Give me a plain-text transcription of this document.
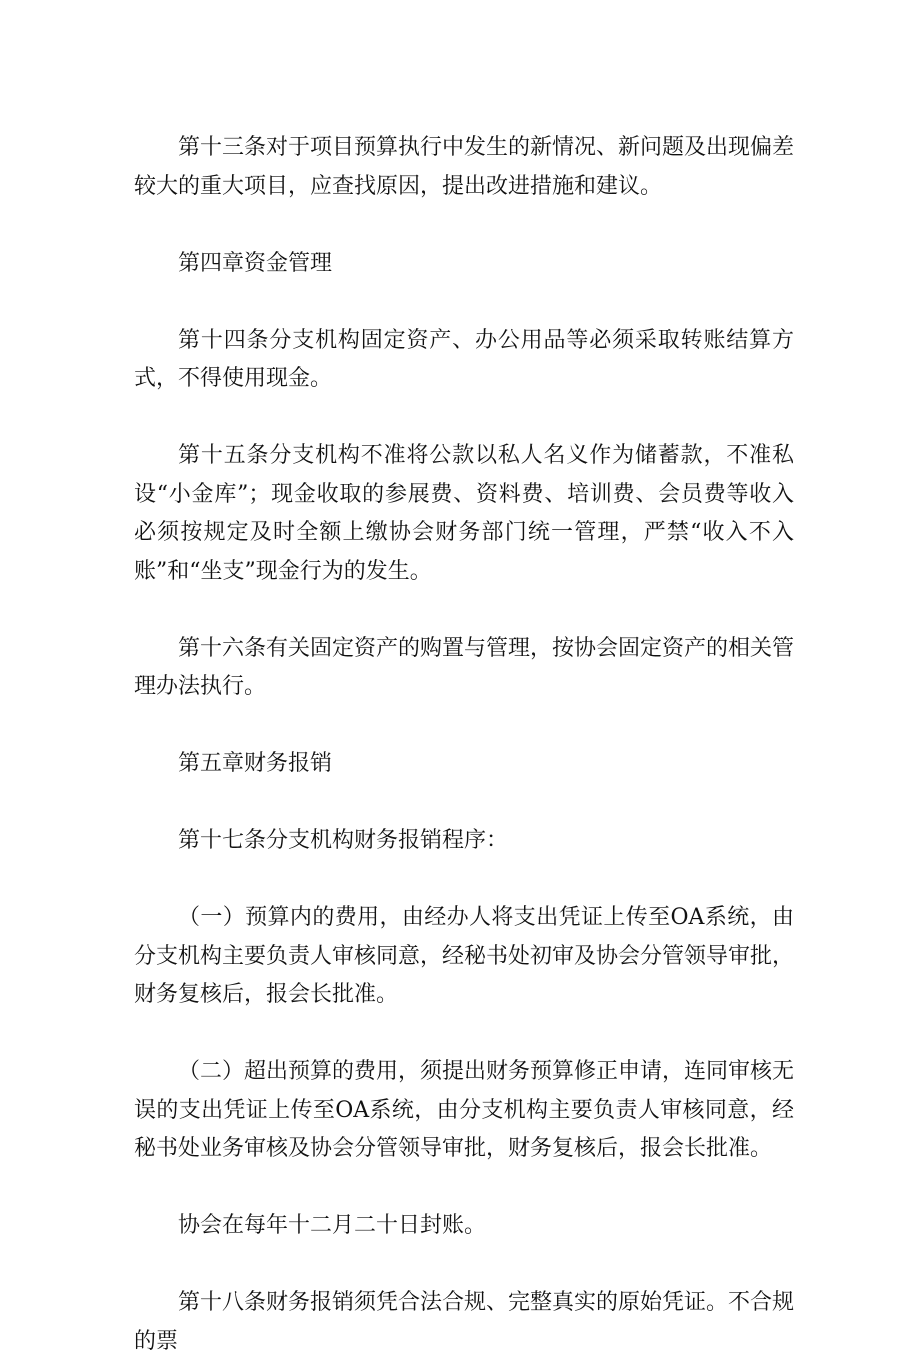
第十三条对于项目预算执行中发生的新情况、新问题及出现偏差较大的重大项目，应查找原因，提出改进措施和建议。

第四章资金管理

第十四条分支机构固定资产、办公用品等必须采取转账结算方式，不得使用现金。

第十五条分支机构不准将公款以私人名义作为储蓄款，不准私设“小金库”；现金收取的参展费、资料费、培训费、会员费等收入必须按规定及时全额上缴协会财务部门统一管理，严禁“收入不入账”和“坐支”现金行为的发生。

第十六条有关固定资产的购置与管理，按协会固定资产的相关管理办法执行。

第五章财务报销

第十七条分支机构财务报销程序：

（一）预算内的费用，由经办人将支出凭证上传至OA系统，由分支机构主要负责人审核同意，经秘书处初审及协会分管领导审批，财务复核后，报会长批准。

（二）超出预算的费用，须提出财务预算修正申请，连同审核无误的支出凭证上传至OA系统，由分支机构主要负责人审核同意，经秘书处业务审核及协会分管领导审批，财务复核后，报会长批准。

协会在每年十二月二十日封账。

第十八条财务报销须凭合法合规、完整真实的原始凭证。不合规的票
